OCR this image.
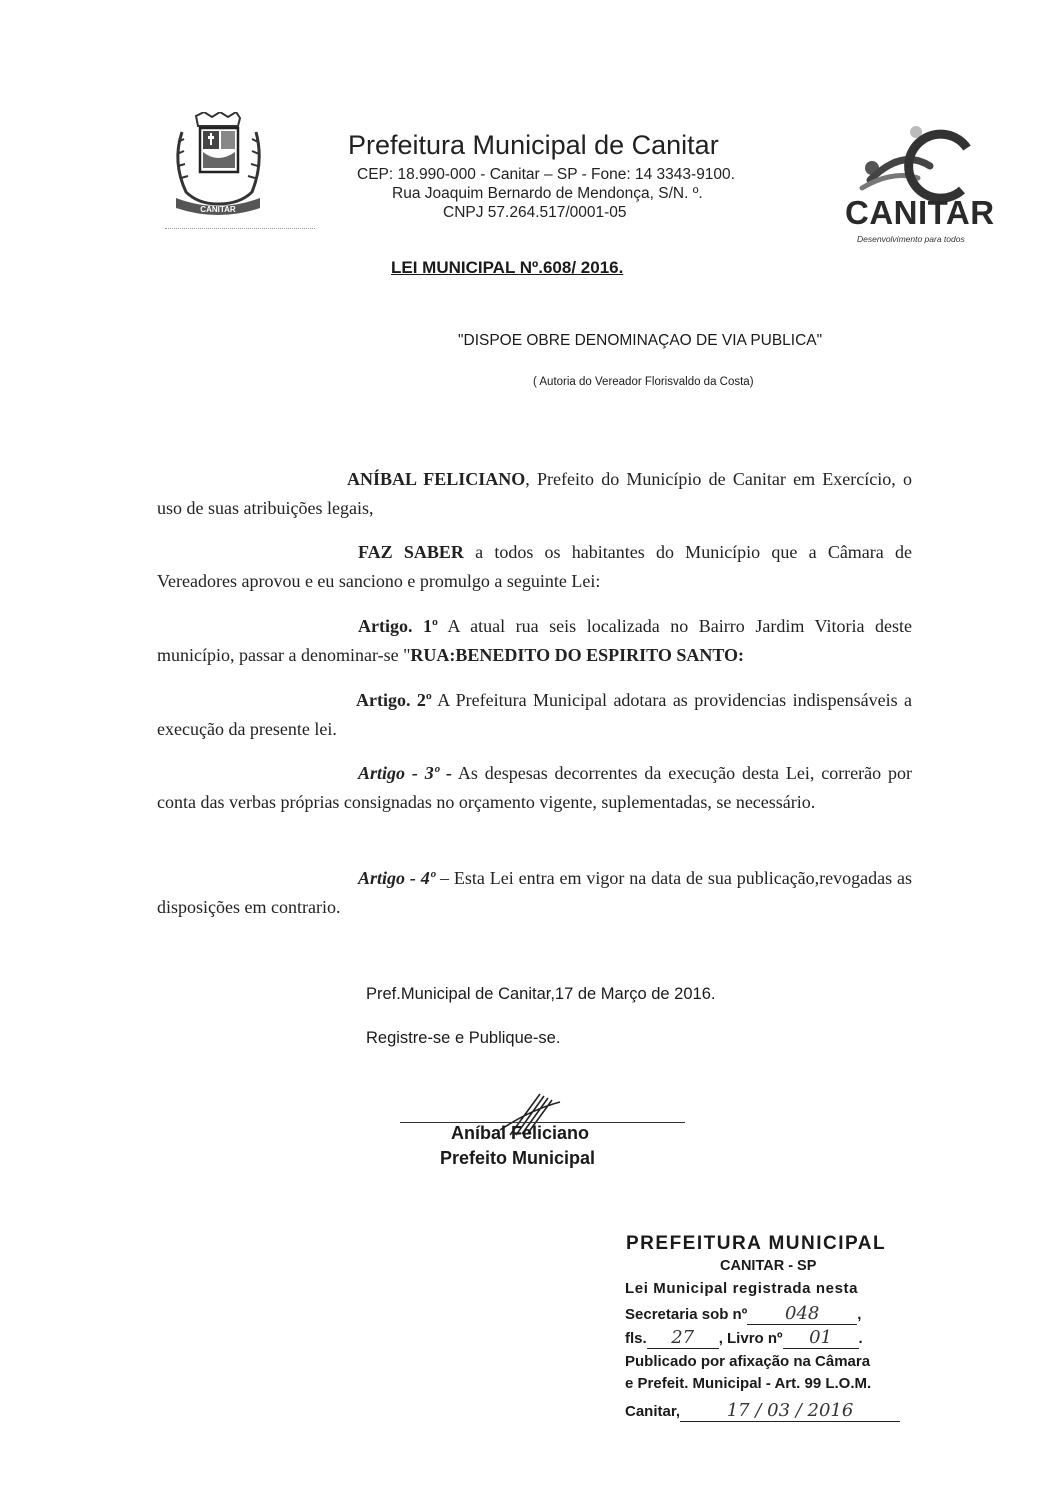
CANITAR
Prefeitura Municipal de Canitar
CEP: 18.990-000 - Canitar – SP - Fone: 14 3343-9100.
Rua Joaquim Bernardo de Mendonça, S/N. º.
CNPJ 57.264.517/0001-05	CANITAR
Desenvolvimento para todos
LEI MUNICIPAL Nº.608/ 2016.
"DISPOE OBRE DENOMINAÇAO DE VIA PUBLICA"
( Autoria do Vereador Florisvaldo da Costa)

ANÍBAL FELICIANO, Prefeito do Município de Canitar em Exercício, o uso de suas atribuições legais,

FAZ SABER a todos os habitantes do Município que a Câmara de Vereadores aprovou e eu sanciono e promulgo a seguinte Lei:

Artigo. 1º A atual rua seis localizada no Bairro Jardim Vitoria deste município, passar a denominar-se "RUA:BENEDITO DO ESPIRITO SANTO:

Artigo. 2º A Prefeitura Municipal adotara as providencias indispensáveis a execução da presente lei.

Artigo - 3º - As despesas decorrentes da execução desta Lei, correrão por conta das verbas próprias consignadas no orçamento vigente, suplementadas, se necessário.

Artigo - 4º – Esta Lei entra em vigor na data de sua publicação,revogadas as disposições em contrario.

Pref.Municipal de Canitar,17 de Março de 2016.
Registre-se e Publique-se.
Aníbal Feliciano
Prefeito Municipal
PREFEITURA MUNICIPAL
CANITAR - SP
Lei Municipal registrada nesta
Secretaria sob nº 048	,
fls. 27 , Livro nº 01 .
Publicado por afixação na Câmara
e Prefeit. Municipal - Art. 99 L.O.M.
Canitar,	17 / 03 / 2016
